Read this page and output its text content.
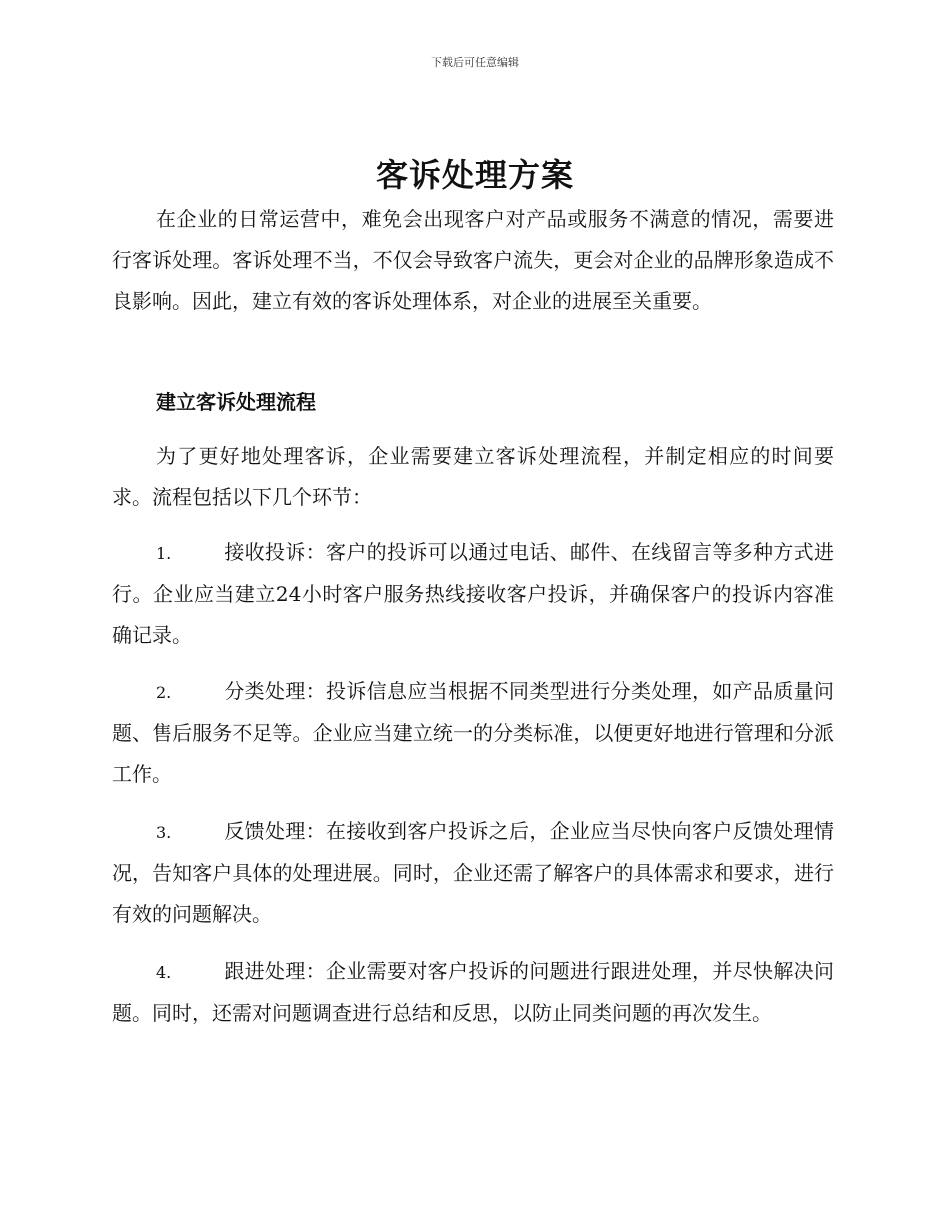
下载后可任意编辑
客诉处理方案
在企业的日常运营中，难免会出现客户对产品或服务不满意的情况，需要进行客诉处理。客诉处理不当，不仅会导致客户流失，更会对企业的品牌形象造成不良影响。因此，建立有效的客诉处理体系，对企业的进展至关重要。
建立客诉处理流程
为了更好地处理客诉，企业需要建立客诉处理流程，并制定相应的时间要求。流程包括以下几个环节：
1.	接收投诉：客户的投诉可以通过电话、邮件、在线留言等多种方式进行。企业应当建立24小时客户服务热线接收客户投诉，并确保客户的投诉内容准确记录。
2.	分类处理：投诉信息应当根据不同类型进行分类处理，如产品质量问题、售后服务不足等。企业应当建立统一的分类标准，以便更好地进行管理和分派工作。
3.	反馈处理：在接收到客户投诉之后，企业应当尽快向客户反馈处理情况，告知客户具体的处理进展。同时，企业还需了解客户的具体需求和要求，进行有效的问题解决。
4.	跟进处理：企业需要对客户投诉的问题进行跟进处理，并尽快解决问题。同时，还需对问题调查进行总结和反思，以防止同类问题的再次发生。
